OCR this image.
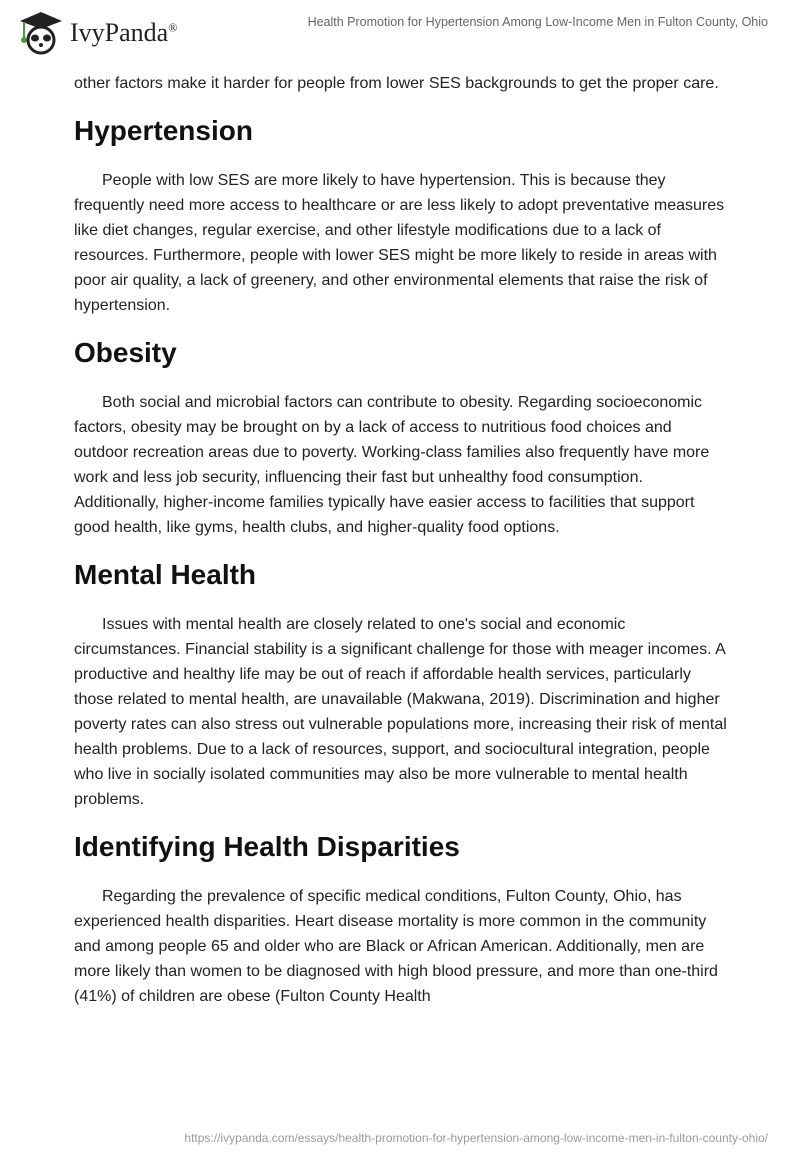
IvyPanda®	Health Promotion for Hypertension Among Low-Income Men in Fulton County, Ohio

other factors make it harder for people from lower SES backgrounds to get the proper care.

Hypertension

People with low SES are more likely to have hypertension. This is because they frequently need more access to healthcare or are less likely to adopt preventative measures like diet changes, regular exercise, and other lifestyle modifications due to a lack of resources. Furthermore, people with lower SES might be more likely to reside in areas with poor air quality, a lack of greenery, and other environmental elements that raise the risk of hypertension.

Obesity

Both social and microbial factors can contribute to obesity. Regarding socioeconomic factors, obesity may be brought on by a lack of access to nutritious food choices and outdoor recreation areas due to poverty. Working-class families also frequently have more work and less job security, influencing their fast but unhealthy food consumption. Additionally, higher-income families typically have easier access to facilities that support good health, like gyms, health clubs, and higher-quality food options.

Mental Health

Issues with mental health are closely related to one's social and economic circumstances. Financial stability is a significant challenge for those with meager incomes. A productive and healthy life may be out of reach if affordable health services, particularly those related to mental health, are unavailable (Makwana, 2019). Discrimination and higher poverty rates can also stress out vulnerable populations more, increasing their risk of mental health problems. Due to a lack of resources, support, and sociocultural integration, people who live in socially isolated communities may also be more vulnerable to mental health problems.

Identifying Health Disparities

Regarding the prevalence of specific medical conditions, Fulton County, Ohio, has experienced health disparities. Heart disease mortality is more common in the community and among people 65 and older who are Black or African American. Additionally, men are more likely than women to be diagnosed with high blood pressure, and more than one-third (41%) of children are obese (Fulton County Health

https://ivypanda.com/essays/health-promotion-for-hypertension-among-low-income-men-in-fulton-county-ohio/
